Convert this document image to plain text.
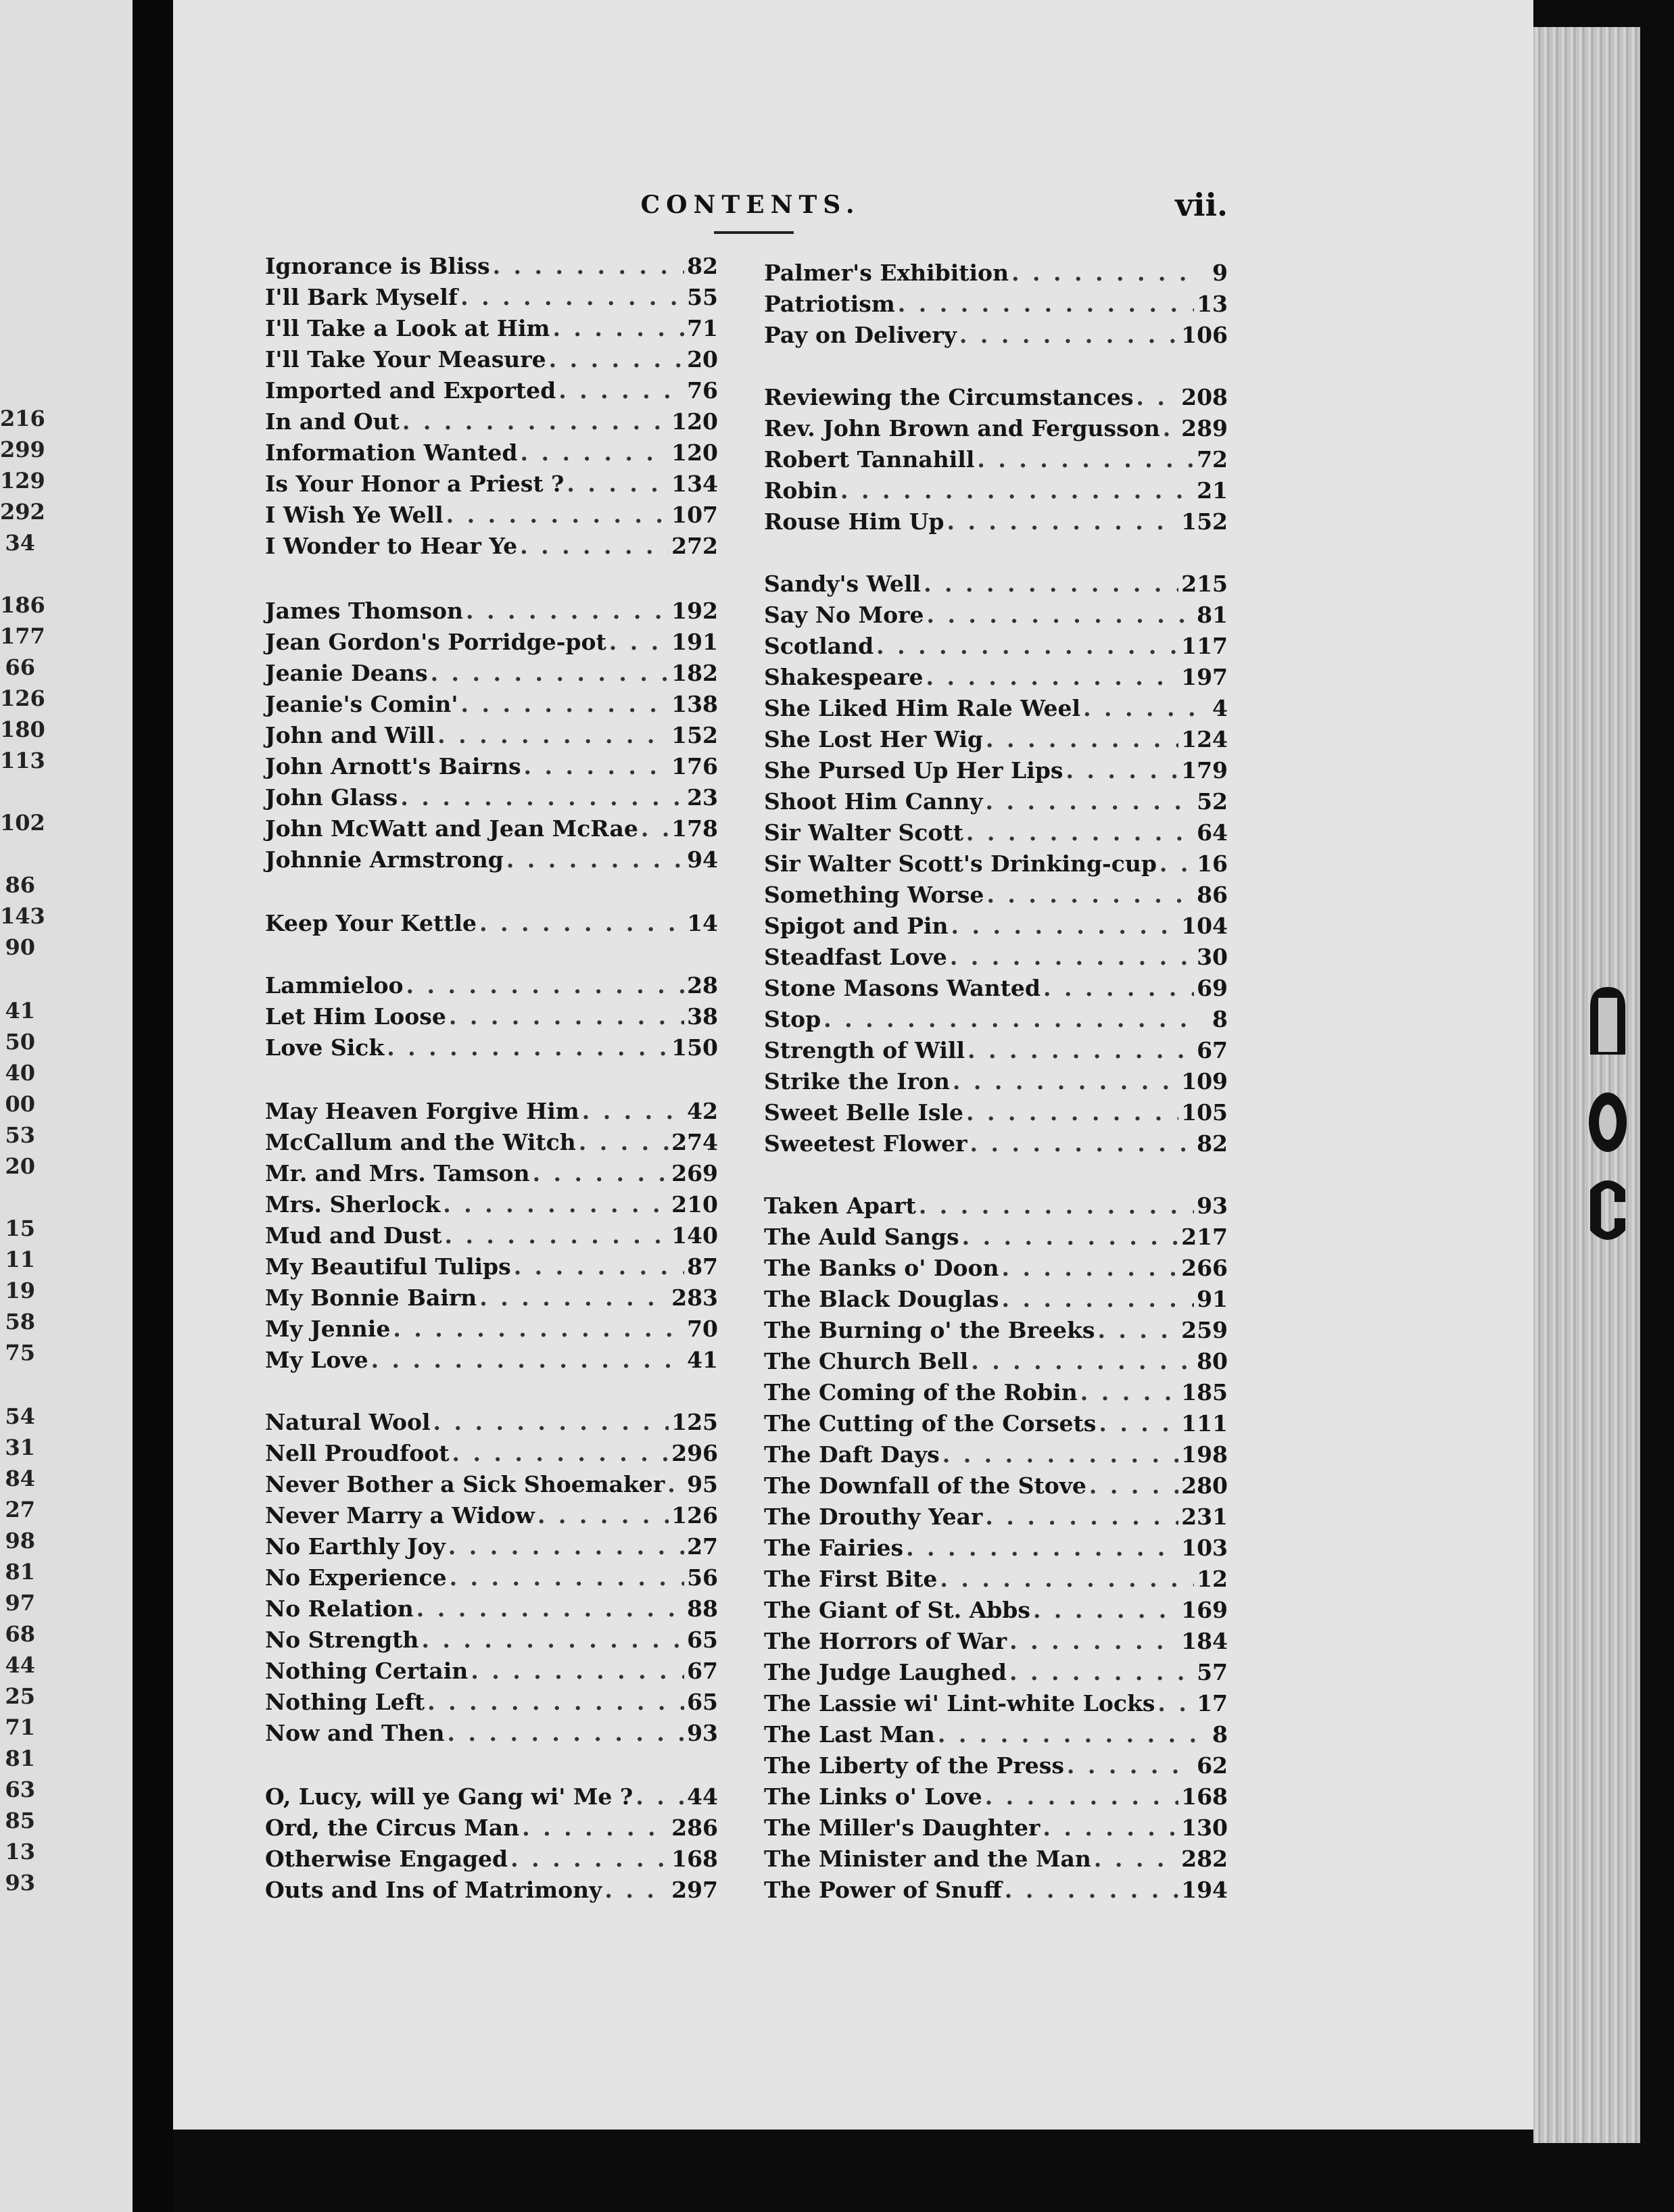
216
299
129
292
34
186
177
66
126
180
113
102
86
143
90
41
50
40
00
53
20
15
11
19
58
75
54
31
84
27
98
81
97
68
44
25
71
81
63
85
13
93
CONTENTS.	vii.
Ignorance is Bliss . . .	82
I'll Bark Myself . . .	55
I'll Take a Look at Him . . .	71
I'll Take Your Measure . . .	20
Imported and Exported . . .	76
In and Out . . .	120
Information Wanted . . .	120
Is Your Honor a Priest ? . . .	134
I Wish Ye Well . . .	107
I Wonder to Hear Ye . . .	272
James Thomson . . .	192
Jean Gordon's Porridge-pot . . .	191
Jeanie Deans . . .	182
Jeanie's Comin' . . .	138
John and Will . . .	152
John Arnott's Bairns . . .	176
John Glass . . .	23
John McWatt and Jean McRae . . . 178
Johnnie Armstrong . . .	94
Keep Your Kettle . . .	14
Lammieloo . . .	28
Let Him Loose . . .	38
Love Sick . . .	150
May Heaven Forgive Him . . .	42
McCallum and the Witch . . .	274
Mr. and Mrs. Tamson . . .	269
Mrs. Sherlock . . .	210
Mud and Dust . . .	140
My Beautiful Tulips . . .	87
My Bonnie Bairn . . .	283
My Jennie . . .	70
My Love . . .	41
Natural Wool . . .	125
Nell Proudfoot . . .	296
Never Bother a Sick Shoemaker . . . 95
Never Marry a Widow . . .	126
No Earthly Joy . . .	27
No Experience . . .	56
No Relation . . .	88
No Strength . . .	65
Nothing Certain . . .	67
Nothing Left . . .	65
Now and Then . . .	93
O, Lucy, will ye Gang wi' Me ? . . . 44
Ord, the Circus Man . . .	286
Otherwise Engaged . . .	168
Outs and Ins of Matrimony . . .	297
Palmer's Exhibition . . .	9
Patriotism . . .	13
Pay on Delivery . . .	106
Reviewing the Circumstances . . . 208
Rev. John Brown and Fergusson . . . 289
Robert Tannahill . . .	72
Robin . . .	21
Rouse Him Up . . .	152
Sandy's Well . . .	215
Say No More . . .	81
Scotland . . .	117
Shakespeare . . .	197
She Liked Him Rale Weel . . .	4
She Lost Her Wig . . .	124
She Pursed Up Her Lips . . .	179
Shoot Him Canny . . .	52
Sir Walter Scott . . .	64
Sir Walter Scott's Drinking-cup . . . 16
Something Worse . . .	86
Spigot and Pin . . .	104
Steadfast Love . . .	30
Stone Masons Wanted . . .	69
Stop . . .	8
Strength of Will . . .	67
Strike the Iron . . .	109
Sweet Belle Isle . . .	105
Sweetest Flower . . .	82
Taken Apart . . .	93
The Auld Sangs . . .	217
The Banks o' Doon . . .	266
The Black Douglas . . .	91
The Burning o' the Breeks . . .	259
The Church Bell . . .	80
The Coming of the Robin . . .	185
The Cutting of the Corsets . . .	111
The Daft Days . . .	198
The Downfall of the Stove . . .	280
The Drouthy Year . . .	231
The Fairies . . .	103
The First Bite . . .	12
The Giant of St. Abbs . . .	169
The Horrors of War . . .	184
The Judge Laughed . . .	57
The Lassie wi' Lint-white Locks . . . 17
The Last Man . . .	8
The Liberty of the Press . . .	62
The Links o' Love . . .	168
The Miller's Daughter . . .	130
The Minister and the Man . . .	282
The Power of Snuff . . .	194
